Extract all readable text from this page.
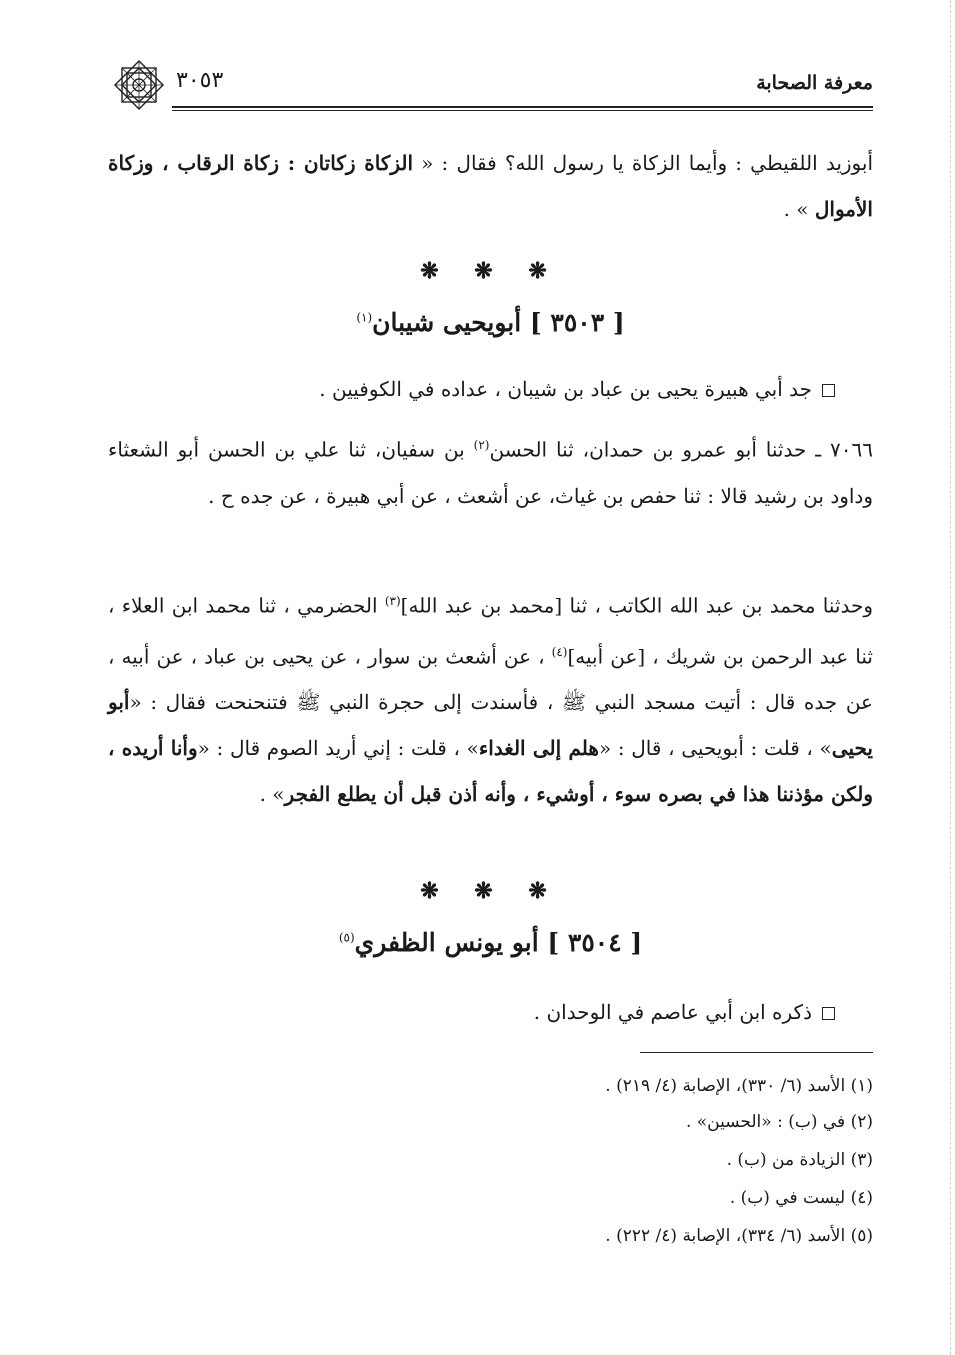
معرفة الصحابة
٣٠٥٣
أبوزيد اللقيطي : وأيما الزكاة يا رسول الله؟ فقال : « الزكاة زكاتان : زكاة الرقاب ، وزكاة الأموال » .
❋ ❋ ❋
[ ٣٥٠٣ ] أبويحيى شيبان$^{(١)}$
جد أبي هبيرة يحيى بن عباد بن شيبان ، عداده في الكوفيين .
٧٠٦٦ ـ حدثنا أبو عمرو بن حمدان، ثنا الحسن$^{(٢)}$ بن سفيان، ثنا علي بن الحسن أبو الشعثاء وداود بن رشيد قالا : ثنا حفص بن غياث، عن أشعث ، عن أبي هبيرة ، عن جده ح .
وحدثنا محمد بن عبد الله الكاتب ، ثنا [محمد بن عبد الله]$^{(٣)}$ الحضرمي ، ثنا محمد ابن العلاء ، ثنا عبد الرحمن بن شريك ، [عن أبيه]$^{(٤)}$ ، عن أشعث بن سوار ، عن يحيى بن عباد ، عن أبيه ، عن جده قال : أتيت مسجد النبي ﷺ ، فأسندت إلى حجرة النبي ﷺ فتنحنحت فقال : «أبو يحيى» ، قلت : أبويحيى ، قال : «هلم إلى الغداء» ، قلت : إني أريد الصوم قال : «وأنا أريده ، ولكن مؤذننا هذا في بصره سوء ، أوشيء ، وأنه أذن قبل أن يطلع الفجر» .
❋ ❋ ❋
[ ٣٥٠٤ ] أبو يونس الظفري$^{(٥)}$
ذكره ابن أبي عاصم في الوحدان .
(١) الأسد (٦/ ٣٣٠)، الإصابة (٤/ ٢١٩) .
(٢) في (ب) : «الحسين» .
(٣) الزيادة من (ب) .
(٤) ليست في (ب) .
(٥) الأسد (٦/ ٣٣٤)، الإصابة (٤/ ٢٢٢) .
